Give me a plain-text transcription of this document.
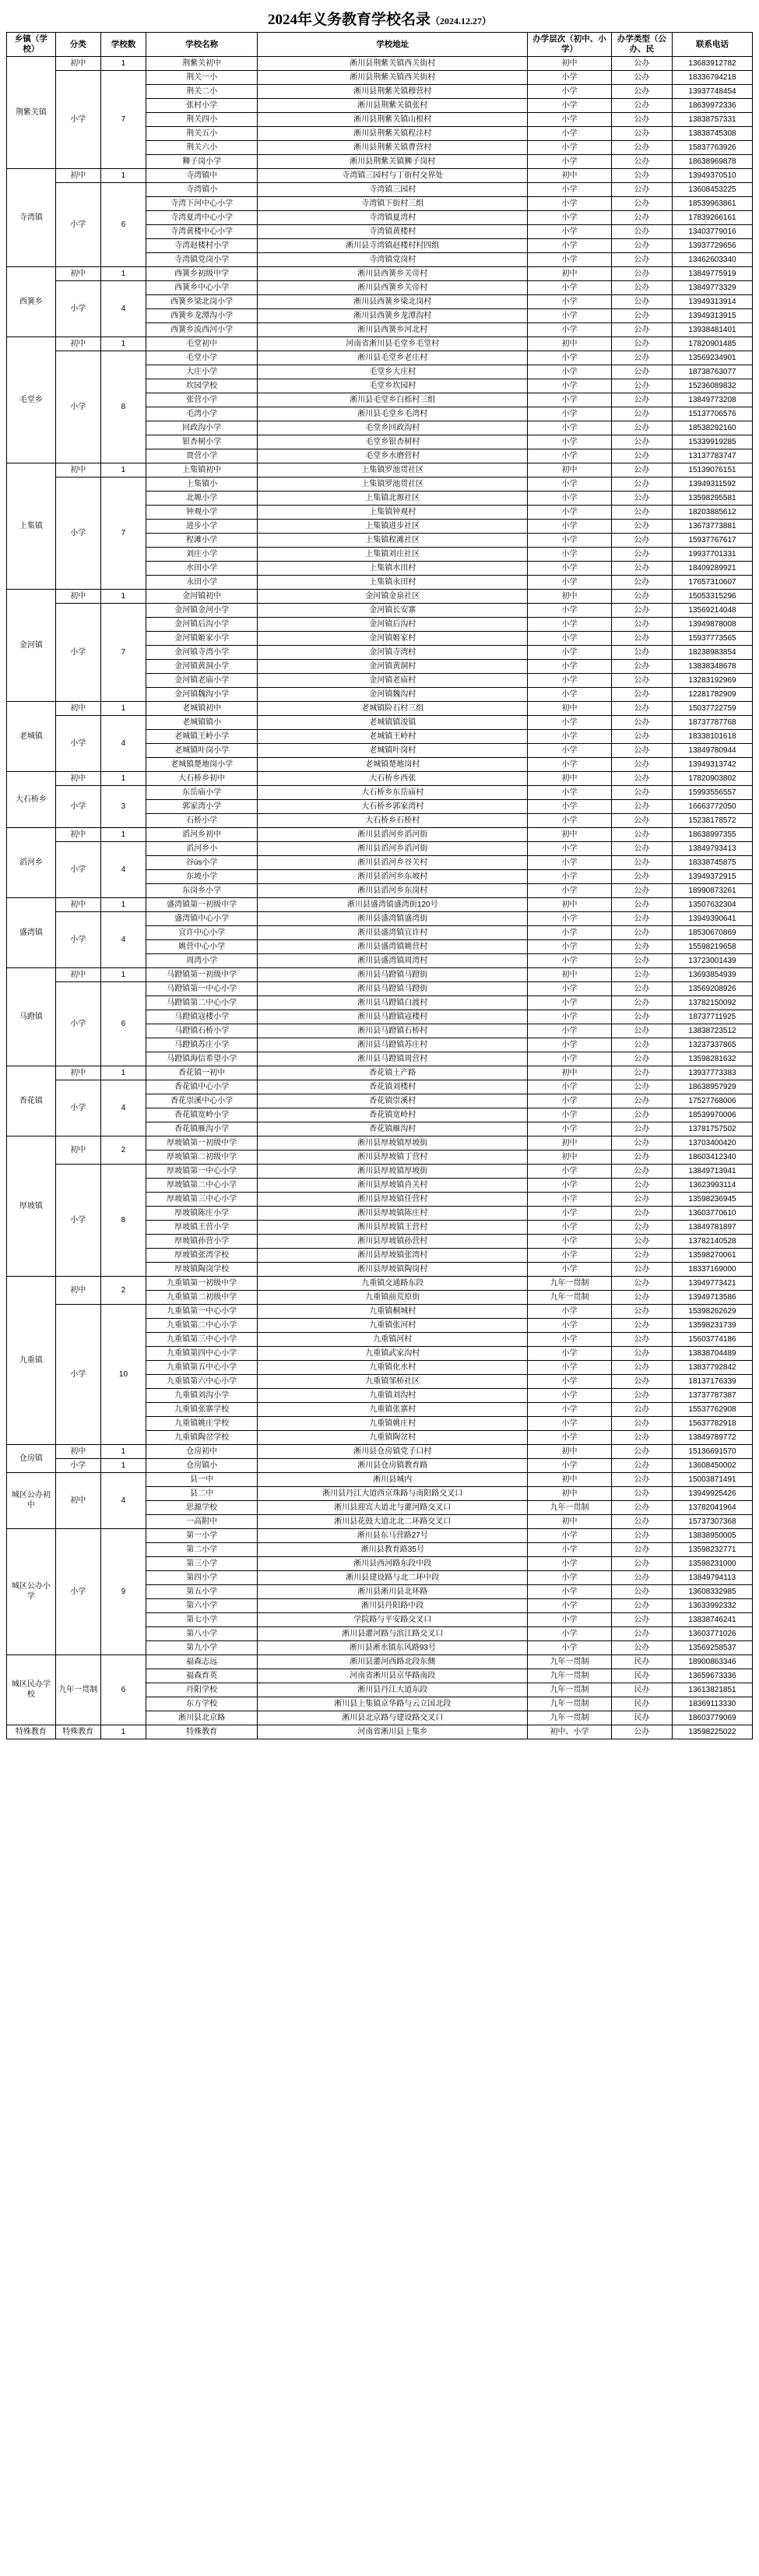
2024年义务教育学校名录（2024.12.27）
乡镇（学校）	分类	学校数	学校名称	学校地址	办学层次（初中、小学）	办学类型（公办、民	联系电话
荆紫关镇	初中	1	荆紫关初中	淅川县荆紫关镇西关街村	初中	公办	13683912782
	小学	7	荆关一小	淅川县荆紫关镇西关街村	小学	公办	18336794218
			荆关二小	淅川县荆紫关镇穆营村	小学	公办	13937748454
			张村小学	淅川县荆紫关镇张村	小学	公办	18639972336
			荆关四小	淅川县荆紫关镇山根村	小学	公办	13838757331
			荆关五小	淅川县荆紫关镇程洼村	小学	公办	13838745308
			荆关六小	淅川县荆紫关镇曹营村	小学	公办	15837763926
			狮子岗小学	淅川县荆紫关镇狮子岗村	小学	公办	18638969878
寺湾镇	初中	1	寺湾镇中	寺湾镇三园村与丁街村交界处	初中	公办	13949370510
	小学	6	寺湾镇小	寺湾镇三园村	小学	公办	13608453225
			寺湾下河中心小学	寺湾镇下街村三组	小学	公办	18539963861
			寺湾夏湾中心小学	寺湾镇夏湾村	小学	公办	17839266161
			寺湾黄楼中心小学	寺湾镇黄楼村	小学	公办	13403779016
			寺湾赵楼村小学	淅川县寺湾镇赵楼村村四组	小学	公办	13937729656
			寺湾镇党岗小学	寺湾镇党岗村	小学	公办	13462603340
西簧乡	初中	1	西簧乡初级中学	淅川县西簧乡关帝村	初中	公办	13849775919
	小学	4	西簧乡中心小学	淅川县西簧乡关帝村	小学	公办	13849773329
			西簧乡梁北岗小学	淅川县西簧乡梁北岗村	小学	公办	13949313914
			西簧乡龙潭沟小学	淅川县西簧乡龙潭沟村	小学	公办	13949313915
			西簧乡流西河小学	淅川县西簧乡河北村	小学	公办	13938481401
毛堂乡	初中	1	毛堂初中	河南省淅川县毛堂乡毛堂村	初中	公办	17820901485
	小学	8	毛堂小学	淅川县毛堂乡老庄村	小学	公办	13569234901
			大庄小学	毛堂乡大庄村	小学	公办	18738763077
			坎园学校	毛堂乡坎园村	小学	公办	15236089832
			张营小学	淅川县毛堂乡白栎村三组	小学	公办	13849773208
			毛湾小学	淅川县毛堂乡毛湾村	小学	公办	15137706576
			回政沟小学	毛堂乡回政沟村	小学	公办	18538292160
			银杏树小学	毛堂乡银杏树村	小学	公办	15339919285
			贾营小学	毛堂乡水磨营村	小学	公办	13137783747
上集镇	初中	1	上集镇初中	上集镇罗池贯社区	初中	公办	15139076151
	小学	7	上集镇小	上集镇罗池贯社区	小学	公办	13949311592
			北塬小学	上集镇北塬社区	小学	公办	13598295581
			钟观小学	上集镇钟观村	小学	公办	18203885612
			进步小学	上集镇进步社区	小学	公办	13673773881
			程滩小学	上集镇程滩社区	小学	公办	15937767617
			刘庄小学	上集镇刘庄社区	小学	公办	19937701331
			水田小学	上集镇水田村	小学	公办	18409289921
			永田小学	上集镇永田村	小学	公办	17657310607
金河镇	初中	1	金河镇初中	金河镇金泉社区	初中	公办	15053315296
	小学	7	金河镇金河小学	金河镇长安寨	小学	公办	13569214048
			金河镇后沟小学	金河镇后沟村	小学	公办	13949878008
			金河镇姬家小学	金河镇姬家村	小学	公办	15937773565
			金河镇寺湾小学	金河镇寺湾村	小学	公办	18238983854
			金河镇黄洞小学	金河镇黄洞村	小学	公办	13838348678
			金河镇老庙小学	金河镇老庙村	小学	公办	13283192969
			金河镇魏沟小学	金河镇魏沟村	小学	公办	12281782909
老城镇	初中	1	老城镇初中	老城镇险石村三组	初中	公办	15037722759
	小学	4	老城镇镇小	老城镇镇浚镇	小学	公办	18737787768
			老城镇王岭小学	老城镇王岭村	小学	公办	18338101618
			老城镇叶岗小学	老城镇叶岗村	小学	公办	13849780944
			老城镇楚地岗小学	老城镇楚地岗村	小学	公办	13949313742
大石桥乡	初中	1	大石桥乡初中	大石桥乡西张	初中	公办	17820903802
	小学	3	东岳庙小学	大石桥乡东岳庙村	小学	公办	15993556557
			郭家湾小学	大石桥乡郭家湾村	小学	公办	16663772050
			石桥小学	大石桥乡石桥村	小学	公办	15238178572
滔河乡	初中	1	滔河乡初中	淅川县滔河乡滔河街	初中	公办	18638997355
	小学	4	滔河乡小	淅川县滔河乡滔河街	小学	公办	13849793413
			谷ús小学	淅川县滔河乡谷关村	小学	公办	18338745875
			东坡小学	淅川县滔河乡东坡村	小学	公办	13949372915
			东岗乡小学	淅川县滔河乡东岗村	小学	公办	18990873261
盛湾镇	初中	1	盛湾镇第一初级中学	淅川县盛湾镇盛湾街120号	初中	公办	13507632304
	小学	4	盛湾镇中心小学	淅川县盛湾镇盛湾街	小学	公办	13949390641
			宜许中心小学	淅川县盛湾镇宜许村	小学	公办	18530670869
			姚营中心小学	淅川县盛湾镇姚营村	小学	公办	15598219658
			周湾小学	淅川县盛湾镇周湾村	小学	公办	13723001439
马蹬镇	初中	1	马蹬镇第一初级中学	淅川县马蹬镇马蹬街	初中	公办	13693854939
	小学	6	马蹬镇第一中心小学	淅川县马蹬镇马蹬街	小学	公办	13569208926
			马蹬镇第二中心小学	淅川县马蹬镇白渡村	小学	公办	13782150092
			马蹬镇寇楼小学	淅川县马蹬镇寇楼村	小学	公办	18737711925
			马蹬镇石桥小学	淅川县马蹬镇石桥村	小学	公办	13838723512
			马蹬镇苏庄小学	淅川县马蹬镇苏庄村	小学	公办	13237337865
			马蹬镇海信希望小学	淅川县马蹬镇周营村	小学	公办	13598281632
香花镇	初中	1	香花镇一初中	香花镇土产路	初中	公办	13937773383
	小学	4	香花镇中心小学	香花镇刘楼村	小学	公办	18638957929
			香花崇溪中心小学	香花镇崇溪村	小学	公办	17527768006
			香花镇宽岭小学	香花镇宽岭村	小学	公办	18539970006
			香花镇雁沟小学	香花镇雁沟村	小学	公办	13781757502
厚坡镇	初中	2	厚坡镇第一初级中学	淅川县厚坡镇厚坡街	初中	公办	13703400420
			厚坡镇第二初级中学	淅川县厚坡镇丁营村	初中	公办	18603412340
	小学	8	厚坡镇第一中心小学	淅川县厚坡镇厚坡街	小学	公办	13849713941
			厚坡镇第二中心小学	淅川县厚坡镇肖关村	小学	公办	13623993114
			厚坡镇第三中心小学	淅川县厚坡镇任营村	小学	公办	13598236945
			厚坡镇陈庄小学	淅川县厚坡镇陈庄村	小学	公办	13603770610
			厚坡镇王营小学	淅川县厚坡镇王营村	小学	公办	13849781897
			厚坡镇孙营小学	淅川县厚坡镇孙营村	小学	公办	13782140528
			厚坡镇张湾学校	淅川县厚坡镇张湾村	小学	公办	13598270061
			厚坡镇陶岗学校	淅川县厚坡镇陶岗村	小学	公办	18337169000
九重镇	初中	2	九重镇第一初级中学	九重镇交通路东段	九年一贯制	公办	13949773421
			九重镇第二初级中学	九重镇前荒原街	九年一贯制	公办	13949713586
	小学	10	九重镇第一中心小学	九重镇桐城村	小学	公办	15398262629
			九重镇第二中心小学	九重镇张河村	小学	公办	13598231739
			九重镇第三中心小学	九重镇河村	小学	公办	15603774186
			九重镇第四中心小学	九重镇武家沟村	小学	公办	13838704489
			九重镇第五中心小学	九重镇化水村	小学	公办	13837792842
			九重镇第六中心小学	九重镇邹桥社区	小学	公办	18137176339
			九重镇刘沟小学	九重镇刘沟村	小学	公办	13737787387
			九重镇张寨学校	九重镇张寨村	小学	公办	15537762908
			九重镇姚庄学校	九重镇姚庄村	小学	公办	15637782918
			九重镇陶岔学校	九重镇陶岔村	小学	公办	13849789772
仓房镇	初中	1	仓房初中	淅川县仓房镇党子口村	初中	公办	15136691570
	小学	1	仓房镇小	淅川县仓房镇教育路	小学	公办	13608450002
城区公办初中	初中	4	县一中	淅川县城内	初中	公办	15003871491
			县二中	淅川县丹江大道西京珠路与南阳路交叉口	初中	公办	13949925426
			思源学校	淅川县迎宾大道北与灌河路交叉口	九年一贯制	公办	13782041964
			一高附中	淅川县花鼓大道北北二环路交叉口	初中	公办	15737307368
城区公办小学	小学	9	第一小学	淅川县东马营路27号	小学	公办	13838950005
			第二小学	淅川县教育路35号	小学	公办	13598232771
			第三小学	淅川县西河路东段中段	小学	公办	13598231000
			第四小学	淅川县建设路与北二环中段	小学	公办	13849794113
			第五小学	淅川县淅川县北环路	小学	公办	13608332985
			第六小学	淅川县丹阳路中段	小学	公办	13633992332
			第七小学	学院路与平安路交叉口	小学	公办	13838746241
			第八小学	淅川县灌河路与滨江路交叉口	小学	公办	13603771026
			第九小学	淅川县淅水镇东风路93号	小学	公办	13569258537
城区民办学校	九年一贯制	6	福森志远	淅川县灌河西路北段东侧	九年一贯制	民办	18900863346
			福森育英	河南省淅川县京华路南段	九年一贯制	民办	13659673336
			丹阳学校	淅川县丹江大道东段	九年一贯制	民办	13613821851
			东方学校	淅川县上集镇京华路与云立国北段	九年一贯制	民办	18369113330
			淅川县北京路	淅川县北京路与建设路交叉口	九年一贯制	民办	18603779069
特殊教育	特殊教育	1	特殊教育	河南省淅川县上集乡	初中、小学	公办	13598225022
